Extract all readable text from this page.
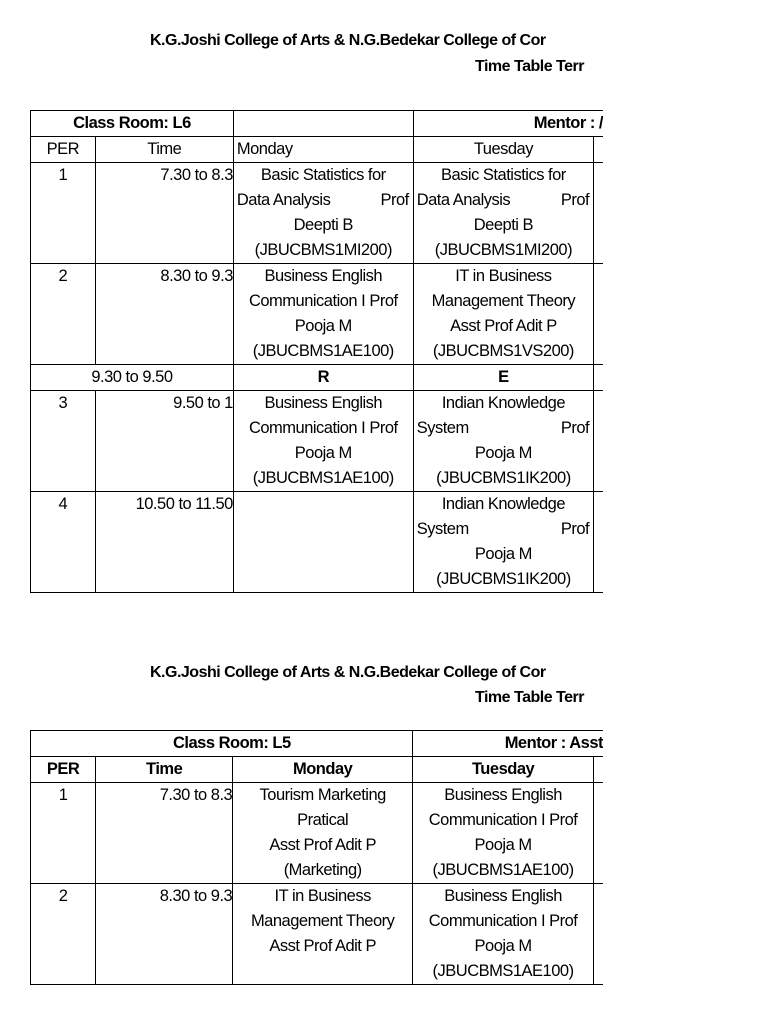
K.G.Joshi College of Arts & N.G.Bedekar College of Cor
Time Table Terr
Class Room: L6			Mentor : /	
PER	Time	Monday	Tuesday	
1	7.30 to 8.3	Basic Statistics for
Data Analysis Prof
Deepti B
(JBUCBMS1MI200)	Basic Statistics for
Data Analysis Prof
Deepti B
(JBUCBMS1MI200)	

2	8.30 to 9.3	Business English
Communication I Prof
Pooja M
(JBUCBMS1AE100)	IT in Business
Management Theory
Asst Prof Adit P
(JBUCBMS1VS200)	

9.30 to 9.50		R	E	
3	9.50 to 1	Business English
Communication I Prof
Pooja M
(JBUCBMS1AE100)	Indian Knowledge
System Prof
Pooja M
(JBUCBMS1IK200)	

4	10.50 to 11.50		Indian Knowledge
System Prof
Pooja M
(JBUCBMS1IK200)	

K.G.Joshi College of Arts & N.G.Bedekar College of Cor
Time Table Terr
Class Room: L5			Mentor : Asst	
PER	Time	Monday	Tuesday	
1	7.30 to 8.3	Tourism Marketing
Pratical
Asst Prof Adit P
(Marketing)	Business English
Communication I Prof
Pooja M
(JBUCBMS1AE100)	

2	8.30 to 9.3	IT in Business
Management Theory
Asst Prof Adit P	Business English
Communication I Prof
Pooja M
(JBUCBMS1AE100)	
